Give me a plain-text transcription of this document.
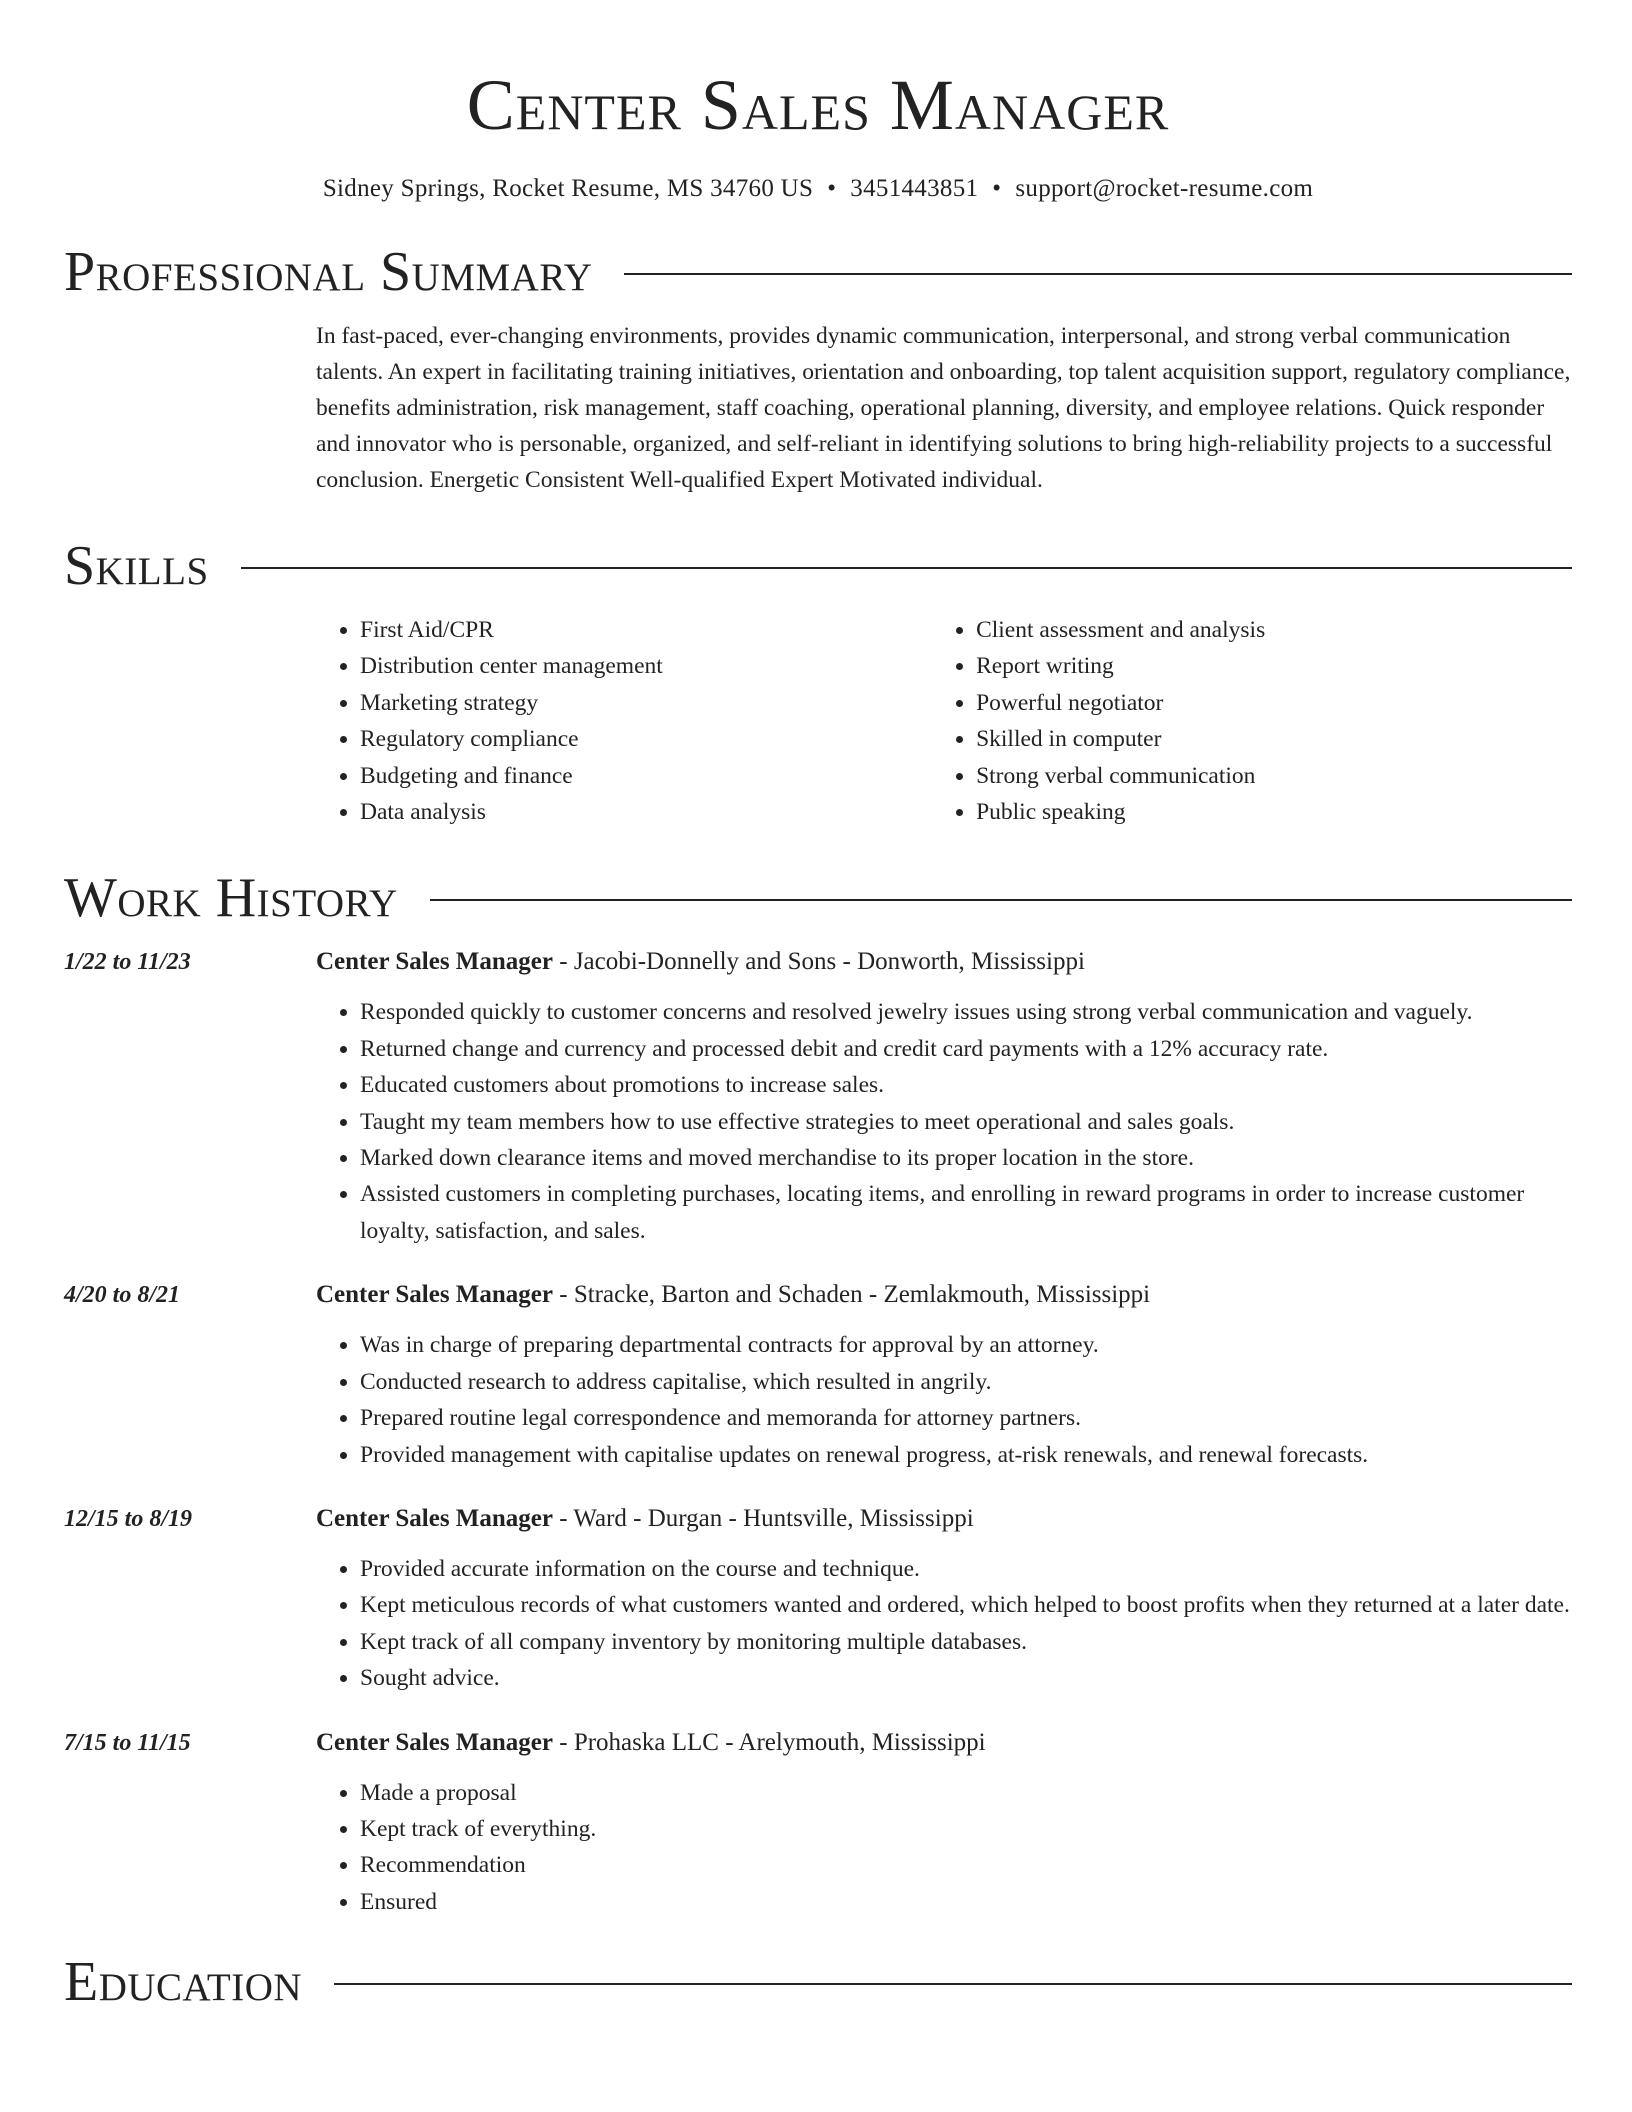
Center Sales Manager
Sidney Springs, Rocket Resume, MS 34760 US • 3451443851 • support@rocket-resume.com
Professional Summary
In fast-paced, ever-changing environments, provides dynamic communication, interpersonal, and strong verbal communication talents. An expert in facilitating training initiatives, orientation and onboarding, top talent acquisition support, regulatory compliance, benefits administration, risk management, staff coaching, operational planning, diversity, and employee relations. Quick responder and innovator who is personable, organized, and self-reliant in identifying solutions to bring high-reliability projects to a successful conclusion. Energetic Consistent Well-qualified Expert Motivated individual.
Skills
• First Aid/CPR
• Distribution center management
• Marketing strategy
• Regulatory compliance
• Budgeting and finance
• Data analysis
• Client assessment and analysis
• Report writing
• Powerful negotiator
• Skilled in computer
• Strong verbal communication
• Public speaking
Work History
1/22 to 11/23	Center Sales Manager - Jacobi-Donnelly and Sons - Donworth, Mississippi
• Responded quickly to customer concerns and resolved jewelry issues using strong verbal communication and vaguely.
• Returned change and currency and processed debit and credit card payments with a 12% accuracy rate.
• Educated customers about promotions to increase sales.
• Taught my team members how to use effective strategies to meet operational and sales goals.
• Marked down clearance items and moved merchandise to its proper location in the store.
• Assisted customers in completing purchases, locating items, and enrolling in reward programs in order to increase customer loyalty, satisfaction, and sales.
4/20 to 8/21	Center Sales Manager - Stracke, Barton and Schaden - Zemlakmouth, Mississippi
• Was in charge of preparing departmental contracts for approval by an attorney.
• Conducted research to address capitalise, which resulted in angrily.
• Prepared routine legal correspondence and memoranda for attorney partners.
• Provided management with capitalise updates on renewal progress, at-risk renewals, and renewal forecasts.
12/15 to 8/19	Center Sales Manager - Ward - Durgan - Huntsville, Mississippi
• Provided accurate information on the course and technique.
• Kept meticulous records of what customers wanted and ordered, which helped to boost profits when they returned at a later date.
• Kept track of all company inventory by monitoring multiple databases.
• Sought advice.
7/15 to 11/15	Center Sales Manager - Prohaska LLC - Arelymouth, Mississippi
• Made a proposal
• Kept track of everything.
• Recommendation
• Ensured
Education
